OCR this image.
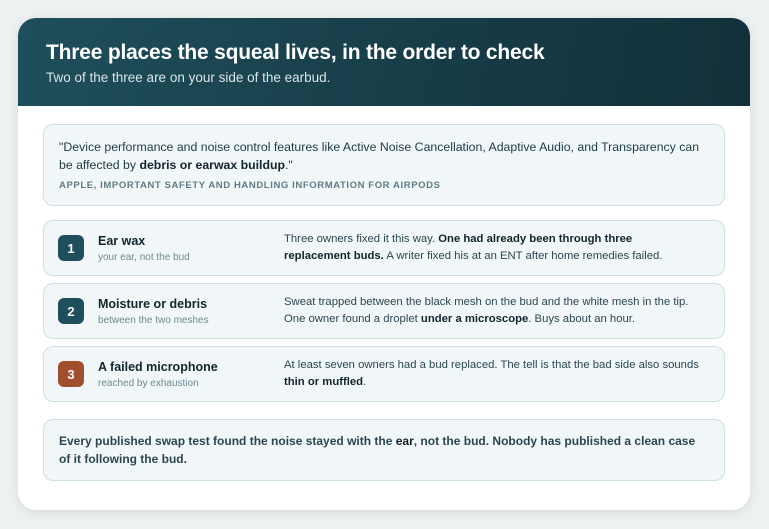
Three places the squeal lives, in the order to check
Two of the three are on your side of the earbud.
"Device performance and noise control features like Active Noise Cancellation, Adaptive Audio, and Transparency can be affected by debris or earwax buildup."
APPLE, IMPORTANT SAFETY AND HANDLING INFORMATION FOR AIRPODS
1	Ear wax
your ear, not the bud
Three owners fixed it this way. One had already been through three replacement buds. A writer fixed his at an ENT after home remedies failed.
2	Moisture or debris
between the two meshes
Sweat trapped between the black mesh on the bud and the white mesh in the tip. One owner found a droplet under a microscope. Buys about an hour.
3	A failed microphone
reached by exhaustion
At least seven owners had a bud replaced. The tell is that the bad side also sounds thin or muffled.
Every published swap test found the noise stayed with the ear, not the bud. Nobody has published a clean case of it following the bud.
